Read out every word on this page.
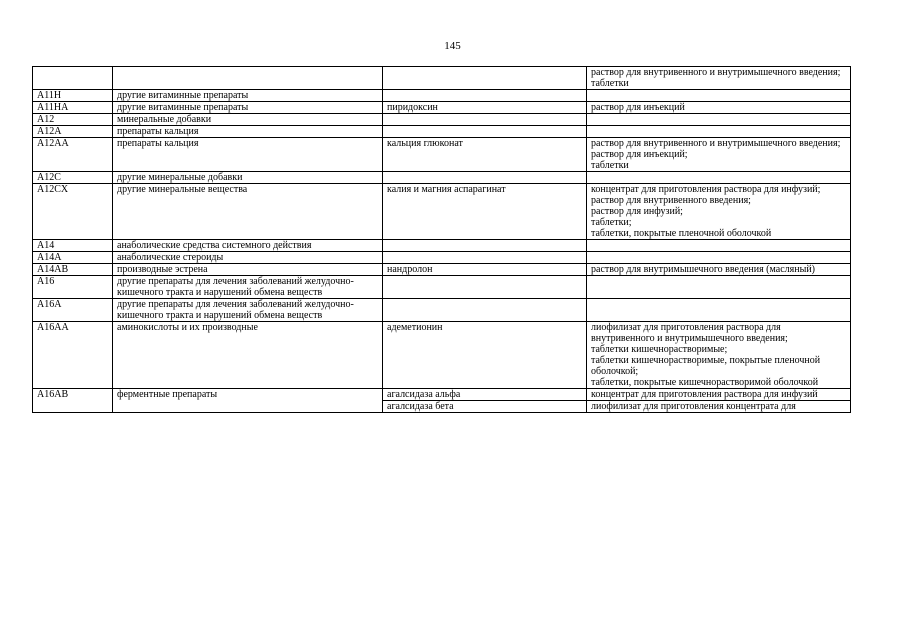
145
			раствор для внутривенного и внутримышечного введения;
таблетки
A11H	другие витаминные препараты		
A11HA	другие витаминные препараты	пиридоксин	раствор для инъекций
A12	минеральные добавки		
A12A	препараты кальция		
A12AA	препараты кальция	кальция глюконат	раствор для внутривенного и внутримышечного введения;
раствор для инъекций;
таблетки
A12C	другие минеральные добавки		
A12CX	другие минеральные вещества	калия и магния аспарагинат	концентрат для приготовления раствора для инфузий;
раствор для внутривенного введения;
раствор для инфузий;
таблетки;
таблетки, покрытые пленочной оболочкой
A14	анаболические средства системного действия		
A14A	анаболические стероиды		
A14AB	производные эстрена	нандролон	раствор для внутримышечного введения (масляный)
A16	другие препараты для лечения заболеваний желудочно-кишечного тракта и нарушений обмена веществ		
A16A	другие препараты для лечения заболеваний желудочно-кишечного тракта и нарушений обмена веществ		
A16AA	аминокислоты и их производные	адеметионин	лиофилизат для приготовления раствора для внутривенного и внутримышечного введения;
таблетки кишечнорастворимые;
таблетки кишечнорастворимые, покрытые пленочной оболочкой;
таблетки, покрытые кишечнорастворимой оболочкой
A16AB	ферментные препараты	агалсидаза альфа	концентрат для приготовления раствора для инфузий
		агалсидаза бета	лиофилизат для приготовления концентрата для
